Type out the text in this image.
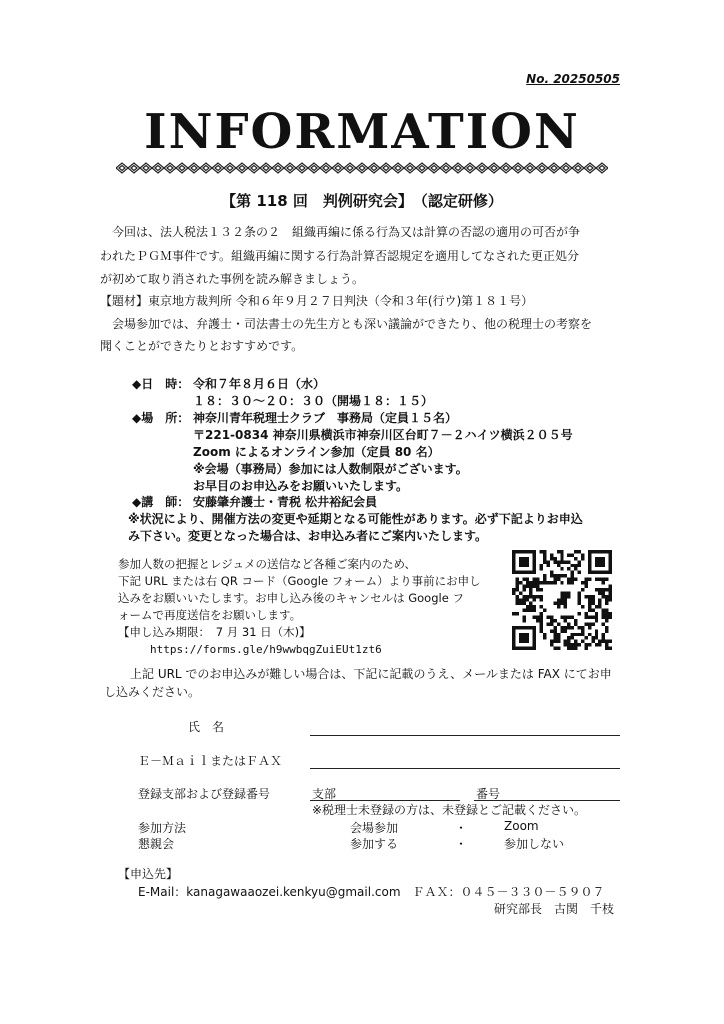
No. 20250505
INFORMATION
【第 118 回　判例研究会】　（認定研修）
　今回は、法人税法１３２条の２　組織再編に係る行為又は計算の否認の適用の可否が争
われたＰＧＭ事件です。組織再編に関する行為計算否認規定を適用してなされた更正処分
が初めて取り消された事例を読み解きましょう。
【題材】東京地方裁判所 令和６年９月２７日判決（令和３年(行ウ)第１８１号）
　会場参加では、弁護士・司法書士の先生方とも深い議論ができたり、他の税理士の考察を
聞くことができたりとおすすめです。
◆日　時： 令和７年８月６日（水）
１８：３０～２０：３０（開場１８：１５）
◆場　所： 神奈川青年税理士クラブ　事務局（定員１５名）
〒221-0834 神奈川県横浜市神奈川区台町７－２ハイツ横浜２０５号
Zoom によるオンライン参加（定員 80 名）
※会場（事務局）参加には人数制限がございます。
お早目のお申込みをお願いいたします。
◆講　師： 安藤肇弁護士・青税 松井裕紀会員
※状況により、開催方法の変更や延期となる可能性があります。必ず下記よりお申込
み下さい。変更となった場合は、お申込み者にご案内いたします。
参加人数の把握とレジュメの送信など各種ご案内のため、
下記 URL または右 QR コード（Google フォーム）より事前にお申し
込みをお願いいたします。お申し込み後のキャンセルは Google フ
ォームで再度送信をお願いします。
【申し込み期限：　7 月 31 日（木)】
https://forms.gle/h9wwbqgZuiEUt1zt6
　上記 URL でのお申込みが難しい場合は、下記に記載のうえ、メールまたは FAX にてお申
し込みください。
氏　名
Ｅ－ＭａｉｌまたはＦＡＸ
登録支部および登録番号	支部	番号
※税理士未登録の方は、未登録とご記載ください。
参加方法	会場参加	・	Zoom
懇親会	参加する	・	参加しない
【申込先】
E-Mail：kanagawaaozei.kenkyu@gmail.com　ＦＡＸ：０４５－３３０－５９０７
研究部長　古関　千枝
